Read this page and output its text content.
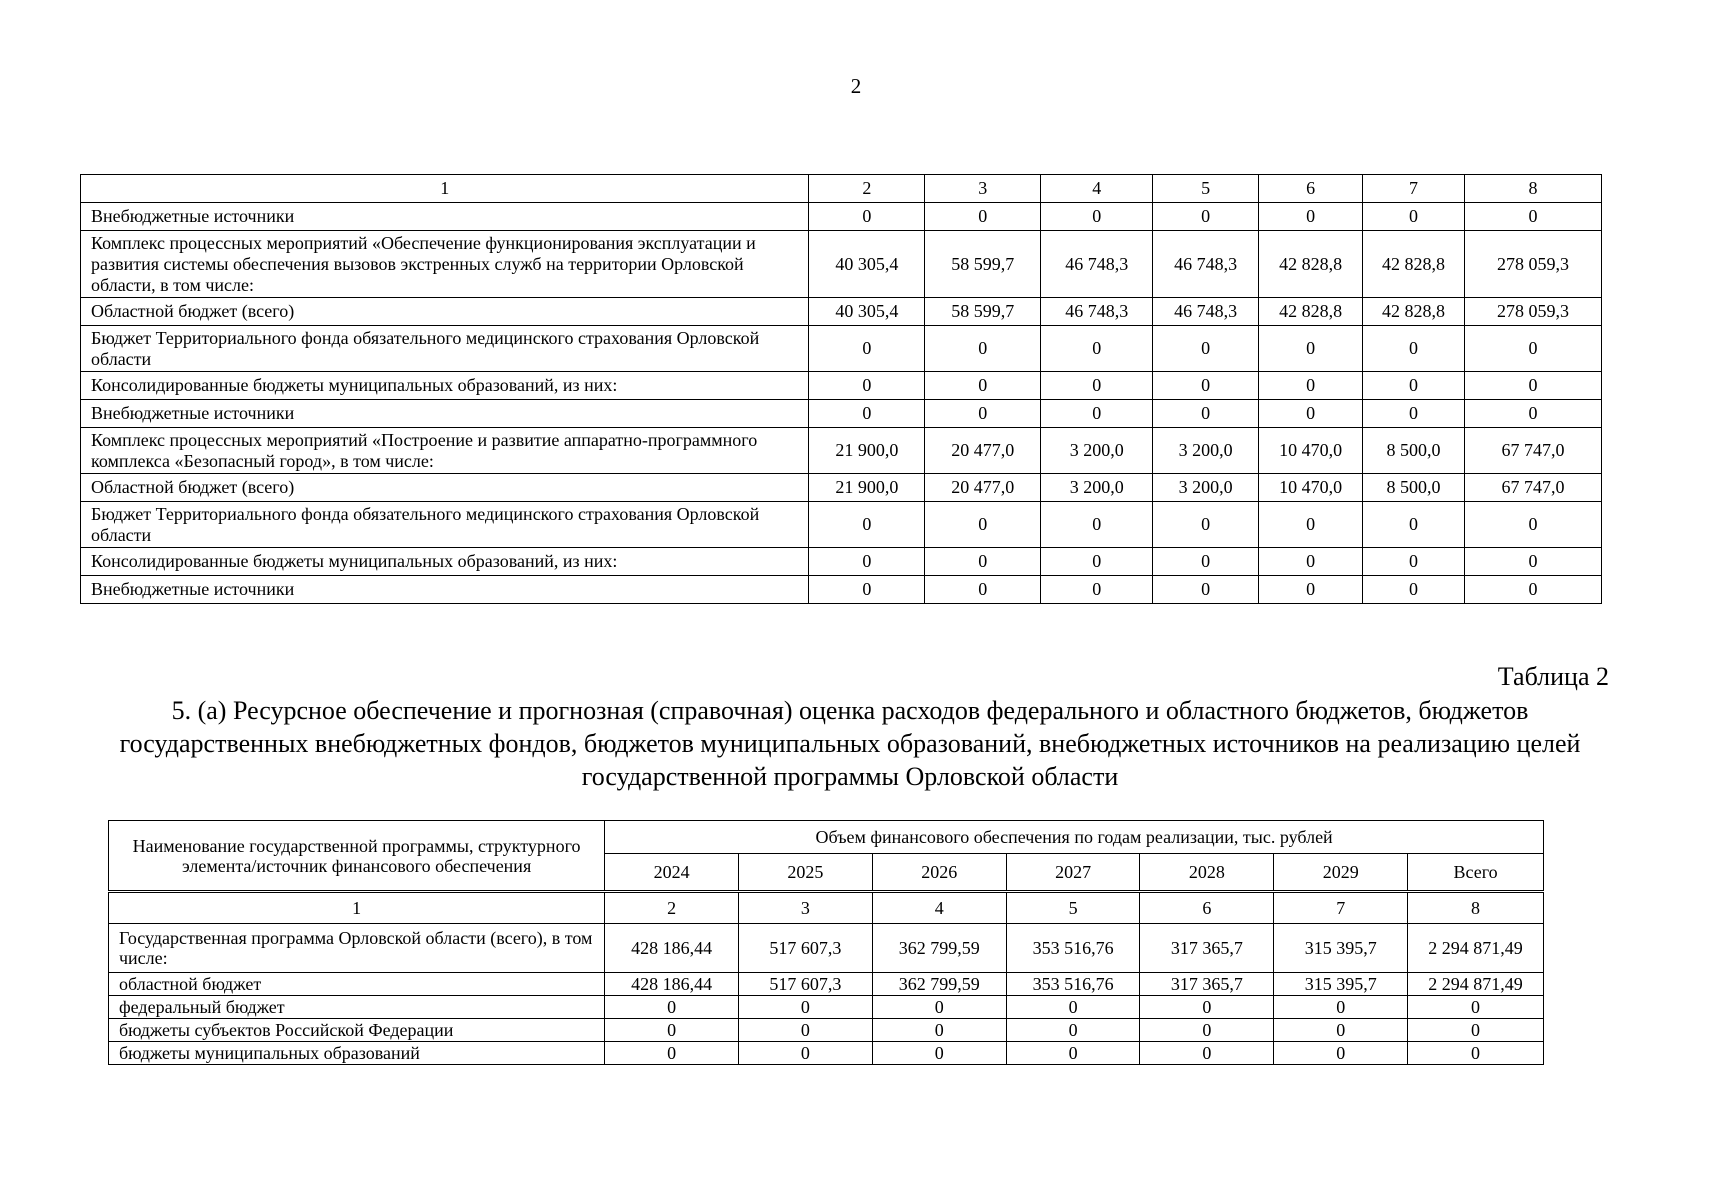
2
1	2	3	4	5	6	7	8
Внебюджетные источники	0	0	0	0	0	0	0
Комплекс процессных мероприятий «Обеспечение функционирования эксплуатации и развития системы обеспечения вызовов экстренных служб на территории Орловской области, в том числе:	40 305,4	58 599,7	46 748,3	46 748,3	42 828,8	42 828,8	278 059,3
Областной бюджет (всего)	40 305,4	58 599,7	46 748,3	46 748,3	42 828,8	42 828,8	278 059,3
Бюджет Территориального фонда обязательного медицинского страхования Орловской области	0	0	0	0	0	0	0
Консолидированные бюджеты муниципальных образований, из них:	0	0	0	0	0	0	0
Внебюджетные источники	0	0	0	0	0	0	0
Комплекс процессных мероприятий «Построение и развитие аппаратно-программного комплекса «Безопасный город», в том числе:	21 900,0	20 477,0	3 200,0	3 200,0	10 470,0	8 500,0	67 747,0
Областной бюджет (всего)	21 900,0	20 477,0	3 200,0	3 200,0	10 470,0	8 500,0	67 747,0
Бюджет Территориального фонда обязательного медицинского страхования Орловской области	0	0	0	0	0	0	0
Консолидированные бюджеты муниципальных образований, из них:	0	0	0	0	0	0	0
Внебюджетные источники	0	0	0	0	0	0	0
Таблица 2
5. (а) Ресурсное обеспечение и прогнозная (справочная) оценка расходов федерального и областного бюджетов, бюджетов государственных внебюджетных фондов, бюджетов муниципальных образований, внебюджетных источников на реализацию целей государственной программы Орловской области
Наименование государственной программы, структурного элемента/источник финансового обеспечения	Объем финансового обеспечения по годам реализации, тыс. рублей						
	2024	2025	2026	2027	2028	2029	Всего
1	2	3	4	5	6	7	8
Государственная программа Орловской области (всего), в том числе:	428 186,44	517 607,3	362 799,59	353 516,76	317 365,7	315 395,7	2 294 871,49
областной бюджет	428 186,44	517 607,3	362 799,59	353 516,76	317 365,7	315 395,7	2 294 871,49
федеральный бюджет	0	0	0	0	0	0	0
бюджеты субъектов Российской Федерации	0	0	0	0	0	0	0
бюджеты муниципальных образований	0	0	0	0	0	0	0
